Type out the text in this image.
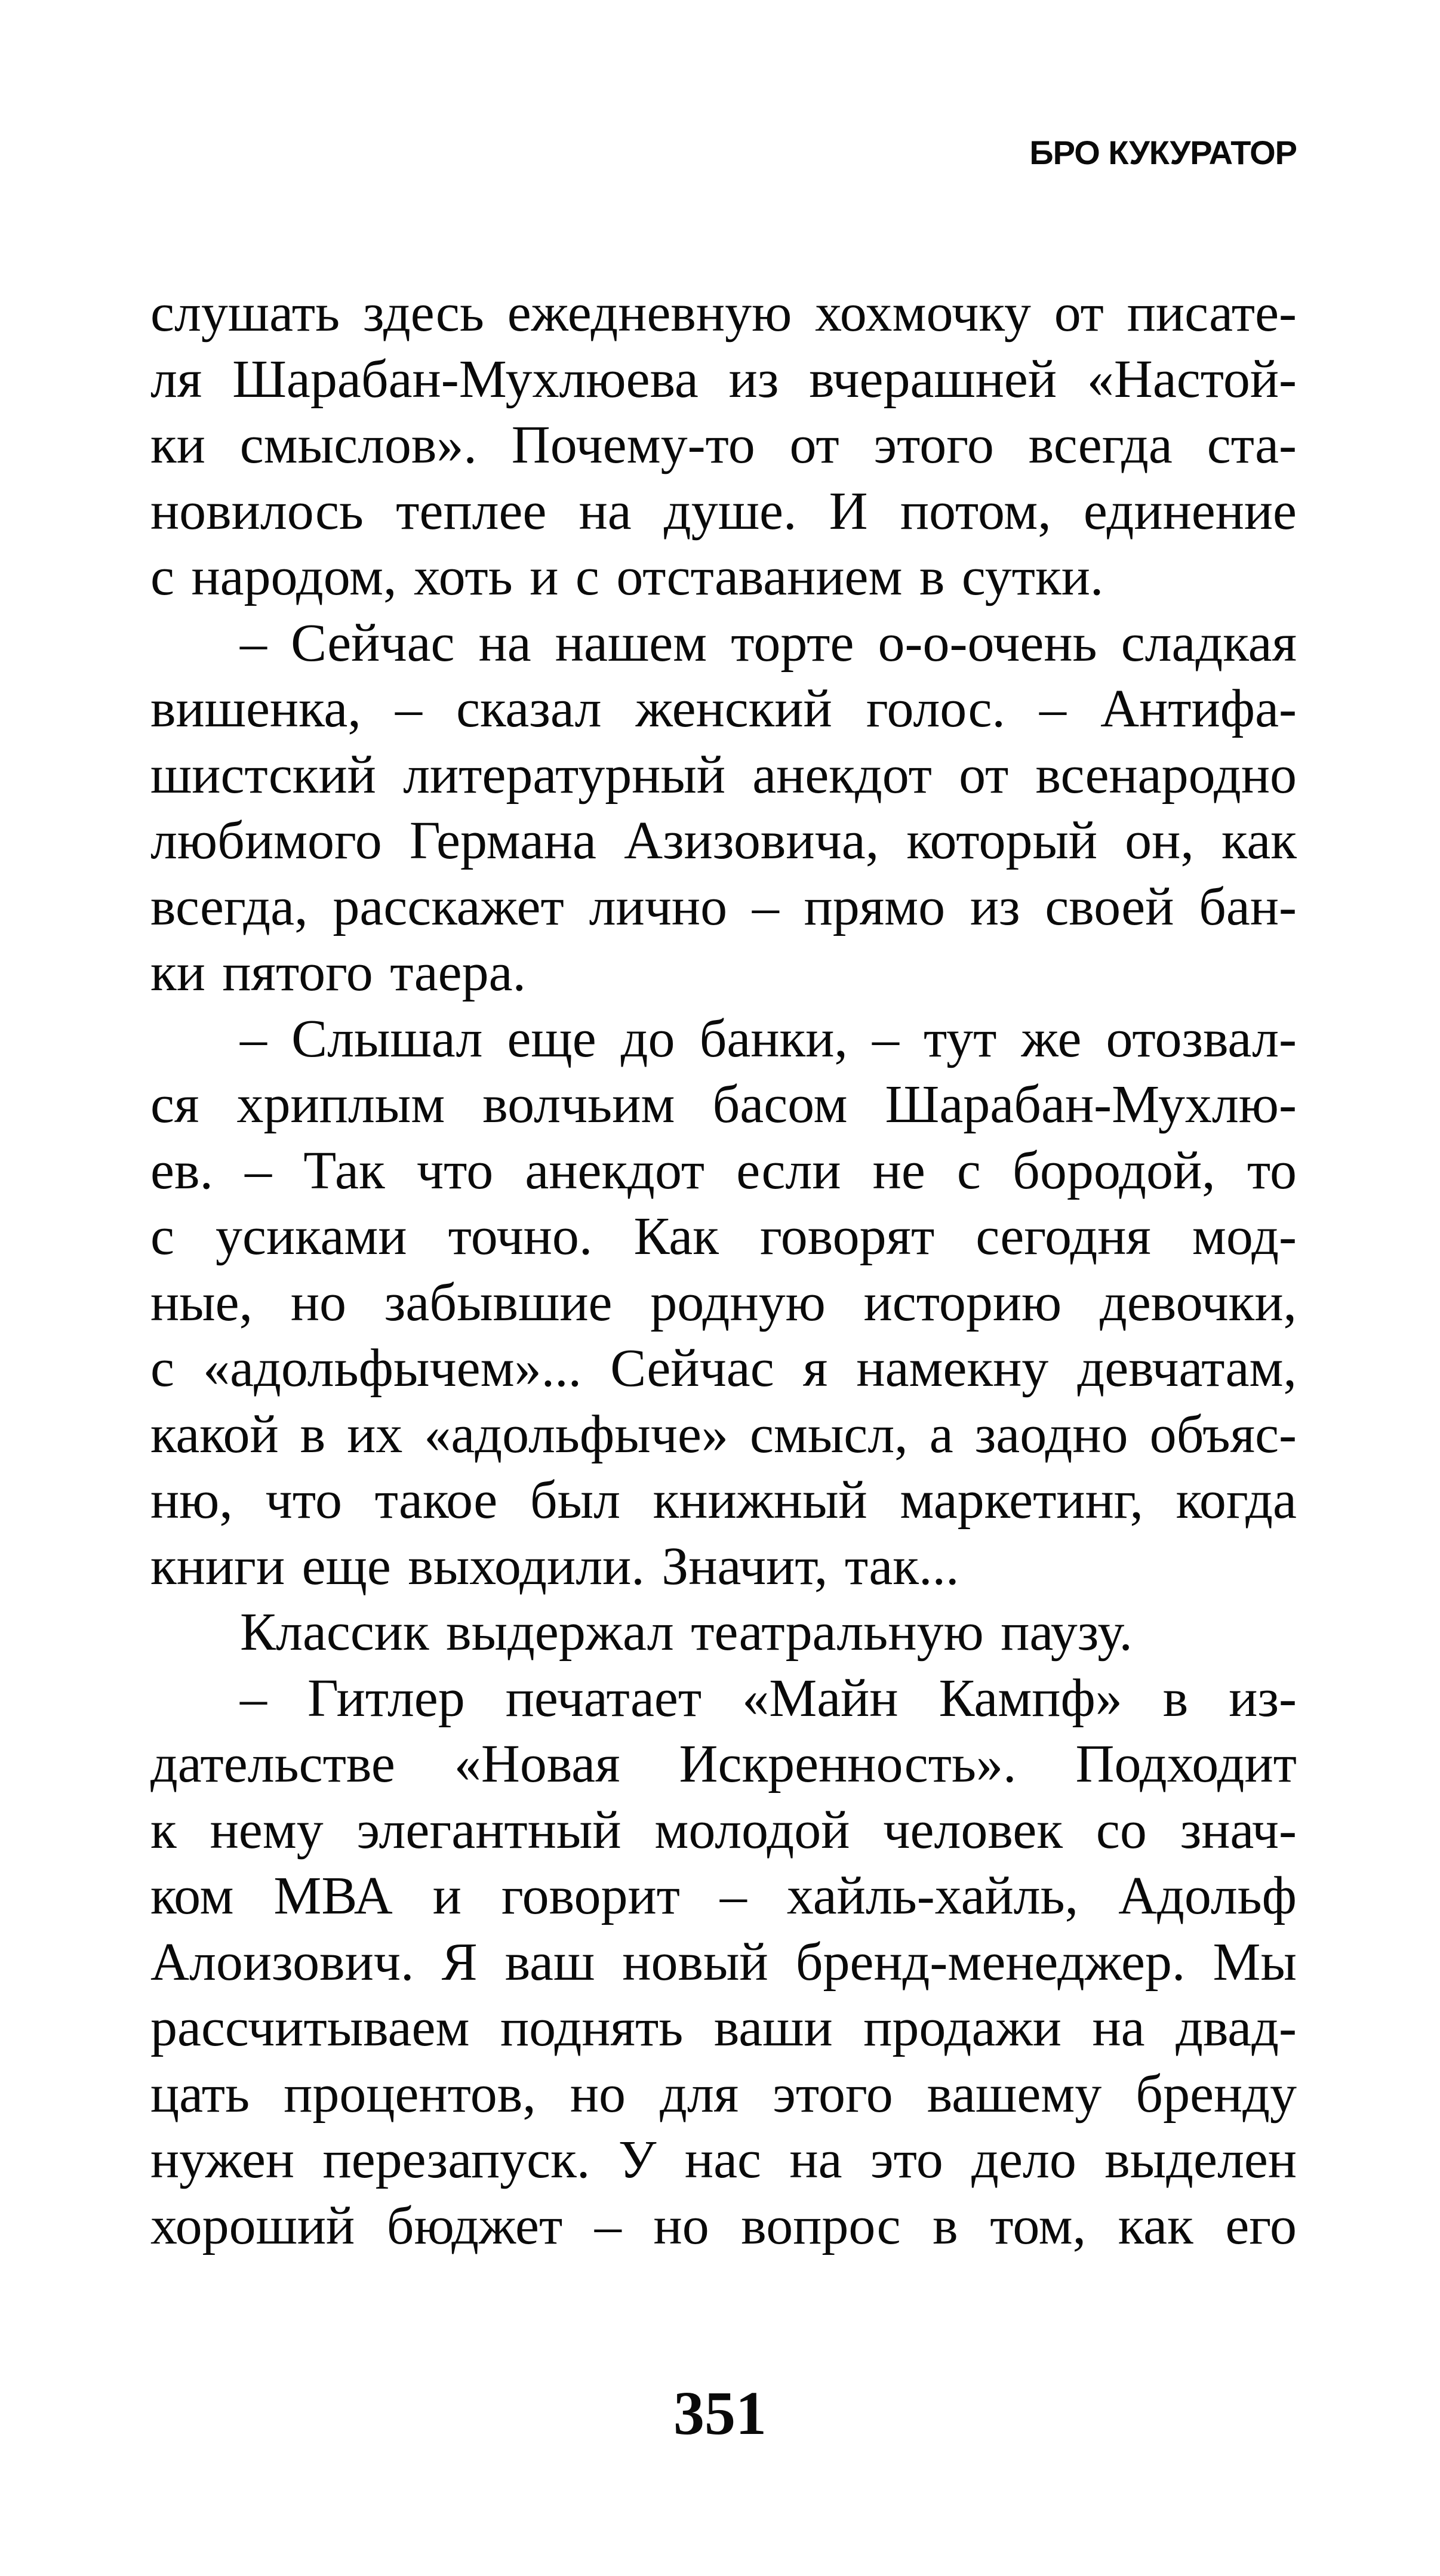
БРО КУКУРАТОР
слушать здесь ежедневную хохмочку от писате-
ля Шарабан-Мухлюева из вчерашней «Настой-
ки смыслов». Почему-то от этого всегда ста-
новилось теплее на душе. И потом, единение
с народом, хоть и с отставанием в сутки.
– Сейчас на нашем торте о-о-очень сладкая
вишенка, – сказал женский голос. – Антифа-
шистский литературный анекдот от всенародно
любимого Германа Азизовича, который он, как
всегда, расскажет лично – прямо из своей бан-
ки пятого таера.
– Слышал еще до банки, – тут же отозвал-
ся хриплым волчьим басом Шарабан-Мухлю-
ев. – Так что анекдот если не с бородой, то
с усиками точно. Как говорят сегодня мод-
ные, но забывшие родную историю девочки,
с «адольфычем»... Сейчас я намекну девчатам,
какой в их «адольфыче» смысл, а заодно объяс-
ню, что такое был книжный маркетинг, когда
книги еще выходили. Значит, так...
Классик выдержал театральную паузу.
– Гитлер печатает «Майн Кампф» в из-
дательстве «Новая Искренность». Подходит
к нему элегантный молодой человек со знач-
ком МВА и говорит – хайль-хайль, Адольф
Алоизович. Я ваш новый бренд-менеджер. Мы
рассчитываем поднять ваши продажи на двад-
цать процентов, но для этого вашему бренду
нужен перезапуск. У нас на это дело выделен
хороший бюджет – но вопрос в том, как его
351
